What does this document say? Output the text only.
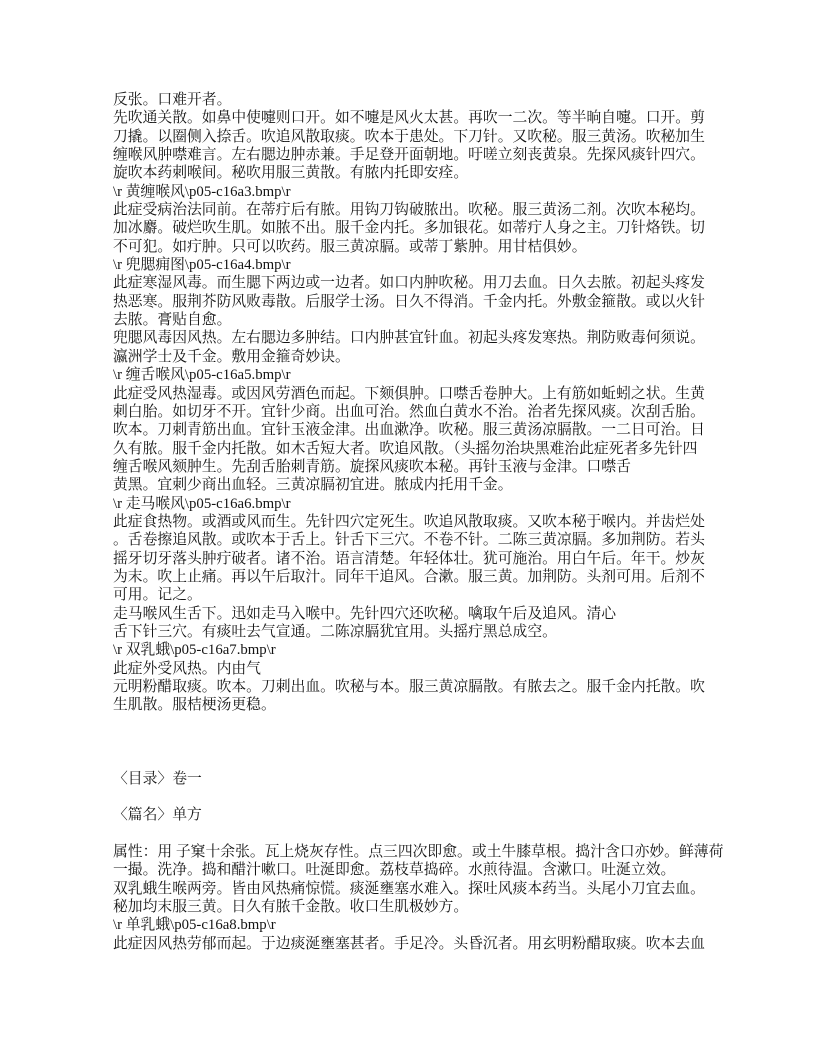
反张。口难开者。
先吹通关散。如鼻中使嚏则口开。如不嚏是风火太甚。再吹一二次。等半晌自嚏。口开。剪
刀撬。以圈侧入捺舌。吹追风散取痰。吹本于患处。下刀针。又吹秘。服三黄汤。吹秘加生
缠喉风肿噤难言。左右腮边肿赤兼。手足登开面朝地。吁嗟立刻丧黄泉。先探风痰针四穴。
旋吹本药刺喉间。秘吹用服三黄散。有脓内托即安痊。
\r 黄缠喉风\p05-c16a3.bmp\r
此症受病治法同前。在蒂疔后有脓。用钩刀钩破脓出。吹秘。服三黄汤二剂。次吹本秘均。
加冰麝。破烂吹生肌。如脓不出。服千金内托。多加银花。如蒂疔人身之主。刀针烙铁。切
不可犯。如疔肿。只可以吹药。服三黄凉膈。或蒂丁紫肿。用甘桔俱妙。
\r 兜腮痈图\p05-c16a4.bmp\r
此症寒湿风毒。而生腮下两边或一边者。如口内肿吹秘。用刀去血。日久去脓。初起头疼发
热恶寒。服荆芥防风败毒散。后服学士汤。日久不得消。千金内托。外敷金箍散。或以火针
去脓。膏贴自愈。
兜腮风毒因风热。左右腮边多肿结。口内肿甚宜针血。初起头疼发寒热。荆防败毒何须说。
瀛洲学士及千金。敷用金箍奇妙诀。
\r 缠舌喉风\p05-c16a5.bmp\r
此症受风热湿毒。或因风劳酒色而起。下颏俱肿。口噤舌卷肿大。上有筋如蚯蚓之状。生黄
刺白胎。如切牙不开。宜针少商。出血可治。然血白黄水不治。治者先探风痰。次刮舌胎。
吹本。刀刺青筋出血。宜针玉液金津。出血漱净。吹秘。服三黄汤凉膈散。一二日可治。日
久有脓。服千金内托散。如木舌短大者。吹追风散。（头摇勿治块黑难治此症死者多先针四
缠舌喉风颏肿生。先刮舌胎刺青筋。旋探风痰吹本秘。再针玉液与金津。口噤舌
黄黑。宜刺少商出血轻。三黄凉膈初宜进。脓成内托用千金。
\r 走马喉风\p05-c16a6.bmp\r
此症食热物。或酒或风而生。先针四穴定死生。吹追风散取痰。又吹本秘于喉内。并齿烂处
。舌卷擦追风散。或吹本于舌上。针舌下三穴。不卷不针。二陈三黄凉膈。多加荆防。若头
摇牙切牙落头肿疔破者。诸不治。语言清楚。年轻体壮。犹可施治。用白午后。年干。炒灰
为末。吹上止痛。再以午后取汁。同年干追风。合漱。服三黄。加荆防。头剂可用。后剂不
可用。记之。
走马喉风生舌下。迅如走马入喉中。先针四穴还吹秘。噙取午后及追风。清心
舌下针三穴。有痰吐去气宣通。二陈凉膈犹宜用。头摇疔黑总成空。
\r 双乳蛾\p05-c16a7.bmp\r
此症外受风热。内由气
元明粉醋取痰。吹本。刀刺出血。吹秘与本。服三黄凉膈散。有脓去之。服千金内托散。吹
生肌散。服桔梗汤更稳。

〈目录〉卷一

〈篇名〉单方

属性：用 子窠十余张。瓦上烧灰存性。点三四次即愈。或土牛膝草根。捣汁含口亦妙。鲜薄荷
一撮。洗净。捣和醋汁嗽口。吐涎即愈。荔枝草捣碎。水煎待温。含漱口。吐涎立效。
双乳蛾生喉两旁。皆由风热痛惊慌。痰涎壅塞水难入。探吐风痰本药当。头尾小刀宜去血。
秘加均末服三黄。日久有脓千金散。收口生肌极妙方。
\r 单乳蛾\p05-c16a8.bmp\r
此症因风热劳郁而起。于边痰涎壅塞甚者。手足冷。头昏沉者。用玄明粉醋取痰。吹本去血
